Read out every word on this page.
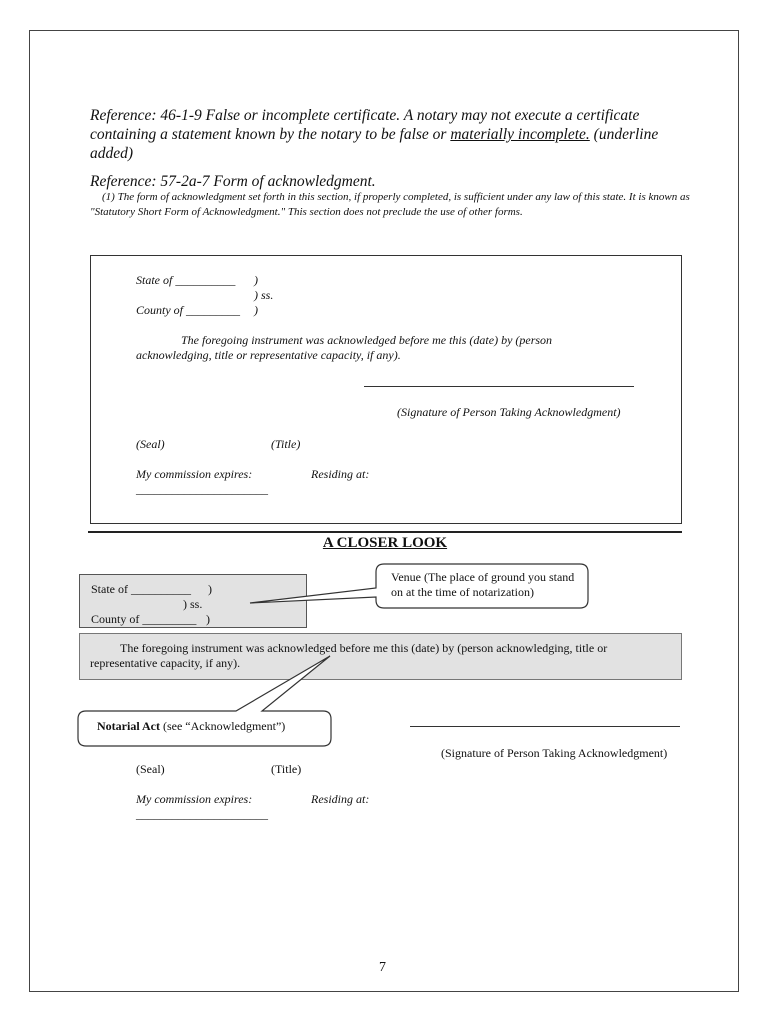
Reference: 46-1-9 False or incomplete certificate. A notary may not execute a certificate containing a statement known by the notary to be false or materially incomplete. (underline added)
Reference: 57-2a-7 Form of acknowledgment.
(1) The form of acknowledgment set forth in this section, if properly completed, is sufficient under any law of this state. It is known as "Statutory Short Form of Acknowledgment." This section does not preclude the use of other forms.
State of __________ )
) ss.
County of _________ )
The foregoing instrument was acknowledged before me this (date) by (person acknowledging, title or representative capacity, if any).
(Signature of Person Taking Acknowledgment)
(Seal)	(Title)
My commission expires:	Residing at:
______________________
A CLOSER LOOK
State of __________ )
) ss.
County of _________ )
The foregoing instrument was acknowledged before me this (date) by (person acknowledging, title or representative capacity, if any).
Venue (The place of ground you stand on at the time of notarization)
Notarial Act (see “Acknowledgment”)
(Signature of Person Taking Acknowledgment)
(Seal)	(Title)
My commission expires:	Residing at:
______________________
7
